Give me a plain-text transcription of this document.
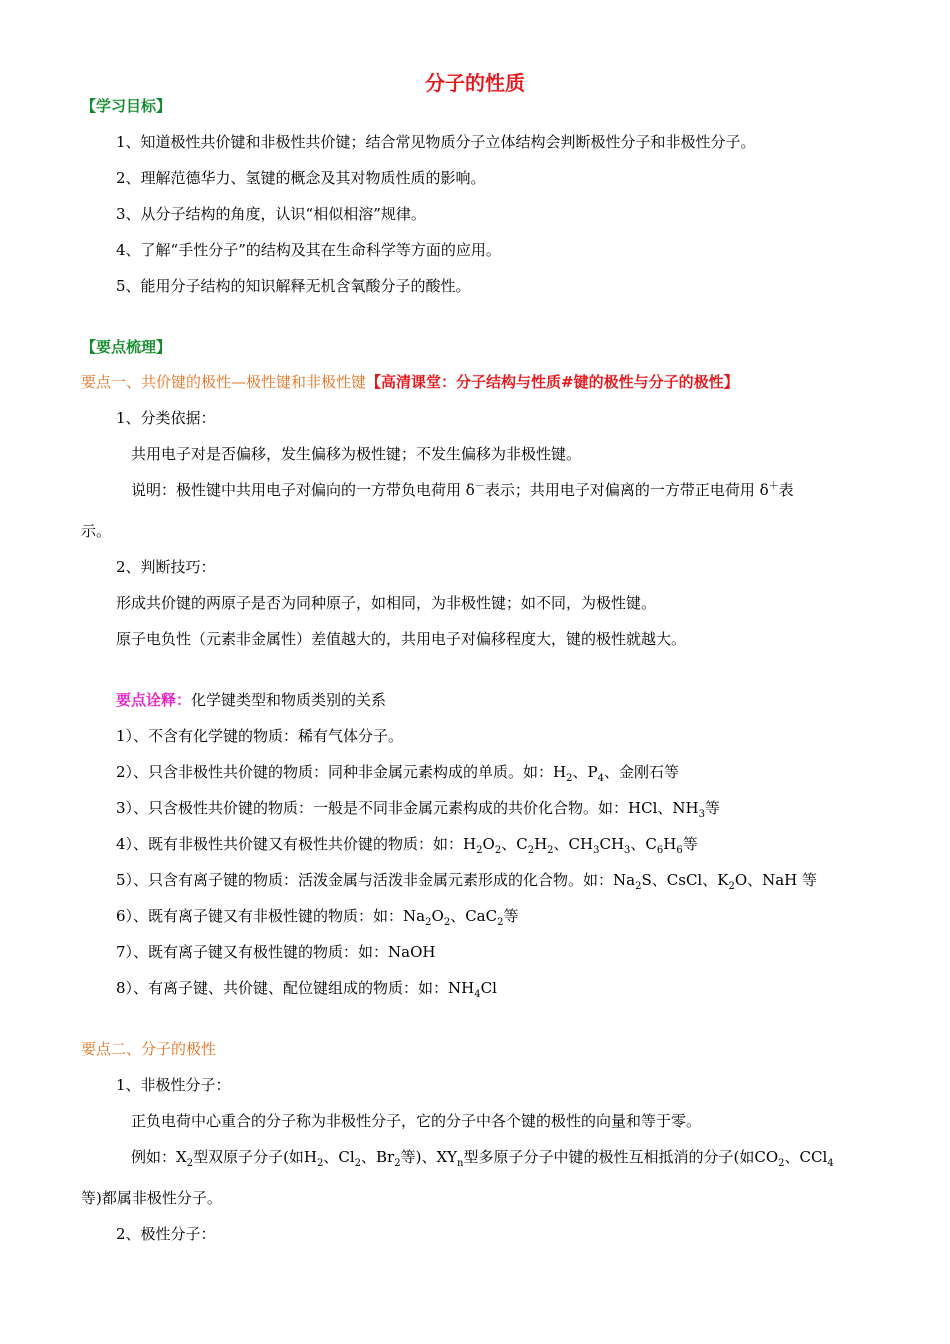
分子的性质
【学习目标】
1、知道极性共价键和非极性共价键；结合常见物质分子立体结构会判断极性分子和非极性分子。
2、理解范德华力、氢键的概念及其对物质性质的影响。
3、从分子结构的角度，认识“相似相溶”规律。
4、了解“手性分子”的结构及其在生命科学等方面的应用。
5、能用分子结构的知识解释无机含氧酸分子的酸性。
【要点梳理】
要点一、共价键的极性—极性键和非极性键【高清课堂：分子结构与性质#键的极性与分子的极性】
1、分类依据：
共用电子对是否偏移，发生偏移为极性键；不发生偏移为非极性键。
说明：极性键中共用电子对偏向的一方带负电荷用 δ－表示；共用电子对偏离的一方带正电荷用 δ＋表
示。
2、判断技巧：
形成共价键的两原子是否为同种原子，如相同，为非极性键；如不同，为极性键。
原子电负性（元素非金属性）差值越大的，共用电子对偏移程度大，键的极性就越大。
要点诠释：化学键类型和物质类别的关系
1）、不含有化学键的物质：稀有气体分子。
2）、只含非极性共价键的物质：同种非金属元素构成的单质。如：$H_2$、$P_4$、金刚石等
3）、只含极性共价键的物质：一般是不同非金属元素构成的共价化合物。如：HCl、$NH_3$等
4）、既有非极性共价键又有极性共价键的物质：如：$H_2O_2$、$C_2H_2$、$CH_3CH_3$、$C_6H_6$等
5）、只含有离子键的物质：活泼金属与活泼非金属元素形成的化合物。如：$Na_2S$、CsCl、$K_2O$、NaH 等
6）、既有离子键又有非极性键的物质：如：$Na_2O_2$、CaC$_2$等
7）、既有离子键又有极性键的物质：如：NaOH
8）、有离子键、共价键、配位键组成的物质：如：$NH_4Cl$
要点二、分子的极性
1、非极性分子：
正负电荷中心重合的分子称为非极性分子，它的分子中各个键的极性的向量和等于零。
例如：$X_2$型双原子分子(如$H_2$、$Cl_2$、$Br_2$等)、$XY_n$型多原子分子中键的极性互相抵消的分子(如$CO_2$、CCl$_4$
等)都属非极性分子。
2、极性分子：
